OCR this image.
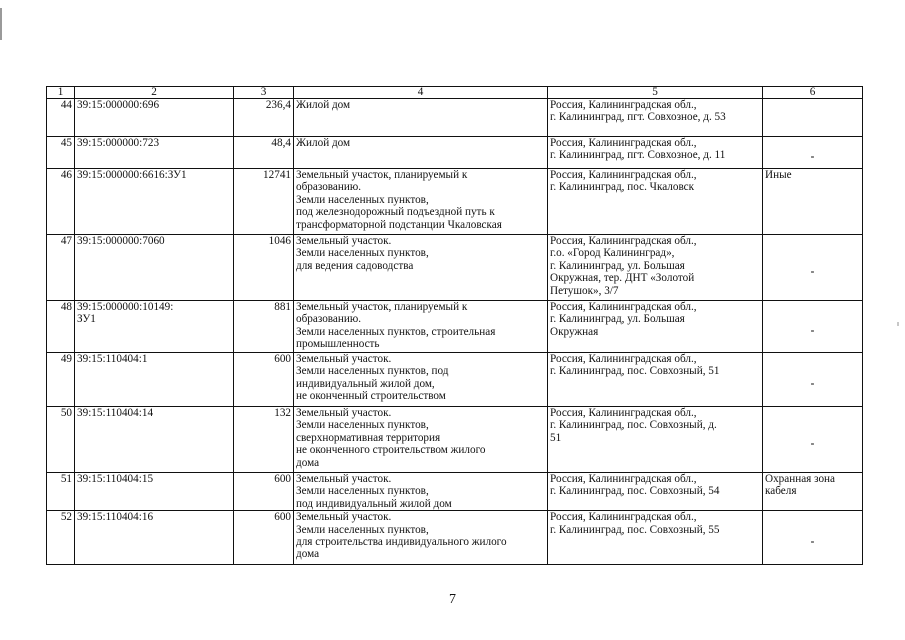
1	2	3	4	5	6
44	39:15:000000:696	236,4	Жилой дом	Россия, Калининградская обл.,
г. Калининград, пгт. Совхозное, д. 53	

45	39:15:000000:723	48,4	Жилой дом	Россия, Калининградская обл.,
г. Калининград, пгт. Совхозное, д. 11	-

46	39:15:000000:6616:ЗУ1	12741	Земельный участок, планируемый к
образованию.
Земли населенных пунктов,
под железнодорожный подъездной путь к
трансформаторной подстанции Чкаловская	Россия, Калининградская обл.,
г. Калининград, пос. Чкаловск	Иные

47	39:15:000000:7060	1046	Земельный участок.
Земли населенных пунктов,
для ведения садоводства	Россия, Калининградская обл.,
г.о. «Город Калининград»,
г. Калининград, ул. Большая
Окружная, тер. ДНТ «Золотой
Петушок», 3/7	-

48	39:15:000000:10149:
ЗУ1	881	Земельный участок, планируемый к
образованию.
Земли населенных пунктов, строительная
промышленность	Россия, Калининградская обл.,
г. Калининград, ул. Большая
Окружная	-

49	39:15:110404:1	600	Земельный участок.
Земли населенных пунктов, под
индивидуальный жилой дом,
не оконченный строительством	Россия, Калининградская обл.,
г. Калининград, пос. Совхозный, 51	-

50	39:15:110404:14	132	Земельный участок.
Земли населенных пунктов,
сверхнормативная территория
не оконченного строительством жилого
дома	Россия, Калининградская обл.,
г. Калининград, пос. Совхозный, д.
51	-

51	39:15:110404:15	600	Земельный участок.
Земли населенных пунктов,
под индивидуальный жилой дом	Россия, Калининградская обл.,
г. Калининград, пос. Совхозный, 54	Охранная зона кабеля

52	39:15:110404:16	600	Земельный участок.
Земли населенных пунктов,
для строительства индивидуального жилого
дома	Россия, Калининградская обл.,
г. Калининград, пос. Совхозный, 55	-
7
